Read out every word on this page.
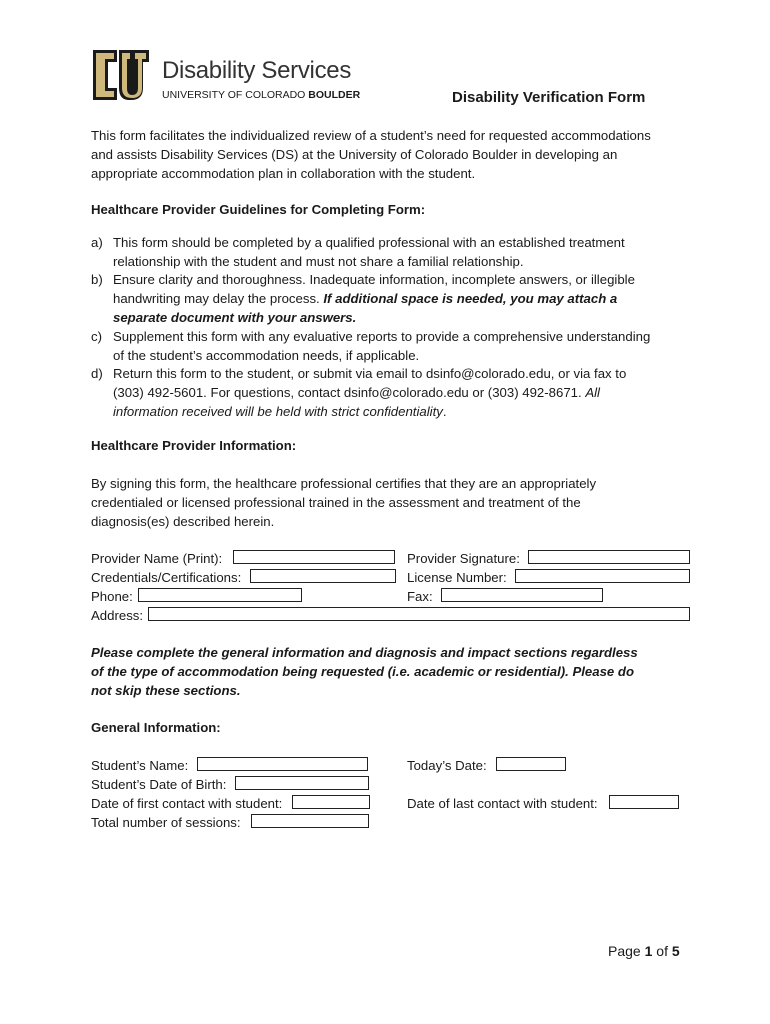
Disability Services
UNIVERSITY OF COLORADO BOULDER	Disability Verification Form
This form facilitates the individualized review of a student’s need for requested accommodations
and assists Disability Services (DS) at the University of Colorado Boulder in developing an
appropriate accommodation plan in collaboration with the student.
Healthcare Provider Guidelines for Completing Form:
a) This form should be completed by a qualified professional with an established treatment
relationship with the student and must not share a familial relationship.
b) Ensure clarity and thoroughness. Inadequate information, incomplete answers, or illegible
handwriting may delay the process. If additional space is needed, you may attach a
separate document with your answers.
c) Supplement this form with any evaluative reports to provide a comprehensive understanding
of the student’s accommodation needs, if applicable.
d) Return this form to the student, or submit via email to dsinfo@colorado.edu, or via fax to
(303) 492-5601. For questions, contact dsinfo@colorado.edu or (303) 492-8671. All
information received will be held with strict confidentiality.
Healthcare Provider Information:
By signing this form, the healthcare professional certifies that they are an appropriately
credentialed or licensed professional trained in the assessment and treatment of the
diagnosis(es) described herein.
Provider Name (Print):	Provider Signature:
Credentials/Certifications:	License Number:
Phone:	Fax:
Address:
Please complete the general information and diagnosis and impact sections regardless
of the type of accommodation being requested (i.e. academic or residential). Please do
not skip these sections.
General Information:
Student’s Name:	Today’s Date:
Student’s Date of Birth:
Date of first contact with student:	Date of last contact with student:
Total number of sessions:
Page 1 of 5
